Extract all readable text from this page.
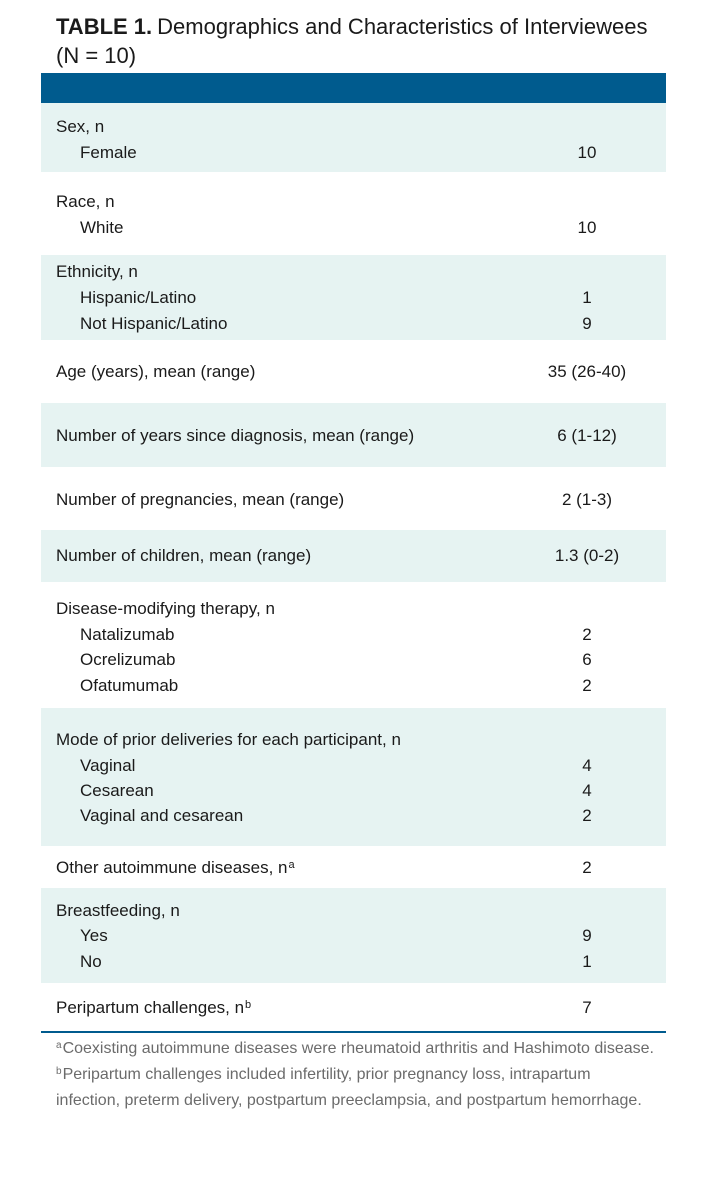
TABLE 1. Demographics and Characteristics of Interviewees (N = 10)
Sex, n
Female	10
Race, n
White	10
Ethnicity, n
Hispanic/Latino	1
Not Hispanic/Latino	9
Age (years), mean (range)	35 (26-40)
Number of years since diagnosis, mean (range)	6 (1-12)
Number of pregnancies, mean (range)	2 (1-3)
Number of children, mean (range)	1.3 (0-2)
Disease-modifying therapy, n
Natalizumab	2
Ocrelizumab	6
Ofatumumab	2
Mode of prior deliveries for each participant, n
Vaginal	4
Cesarean	4
Vaginal and cesarean	2
Other autoimmune diseases, $n^a$	2
Breastfeeding, n
Yes	9
No	1
Peripartum challenges, $n^b$	7

$^a$Coexisting autoimmune diseases were rheumatoid arthritis and Hashimoto disease.

$^b$Peripartum challenges included infertility, prior pregnancy loss, intrapartum infection, preterm delivery, postpartum preeclampsia, and postpartum hemorrhage.
